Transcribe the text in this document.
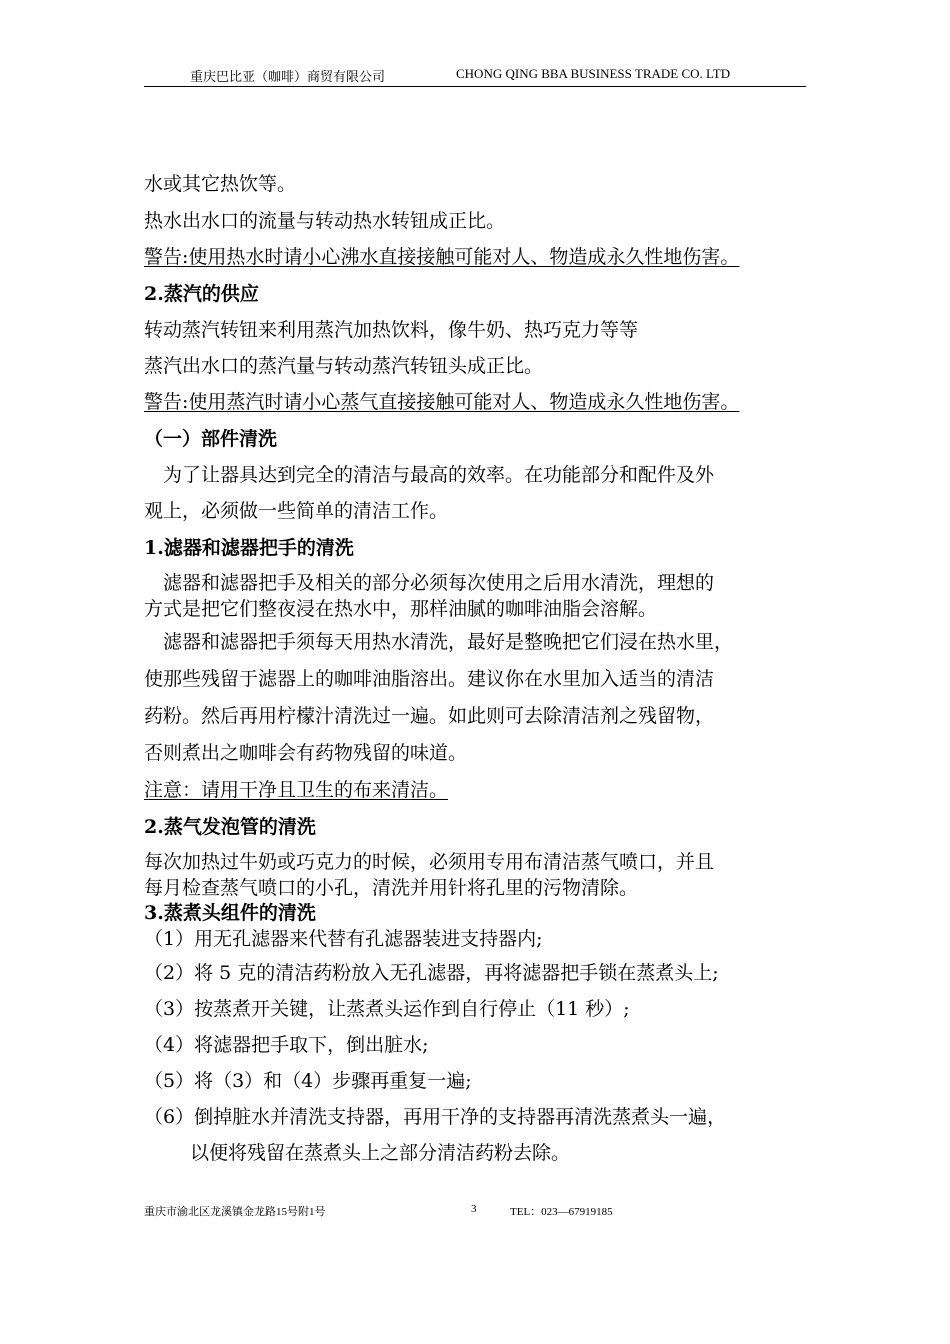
重庆巴比亚（咖啡）商贸有限公司	CHONG QING BBA BUSINESS TRADE CO. LTD
水或其它热饮等。
热水出水口的流量与转动热水转钮成正比。
警告:使用热水时请小心沸水直接接触可能对人、物造成永久性地伤害。
2.蒸汽的供应
转动蒸汽转钮来利用蒸汽加热饮料，像牛奶、热巧克力等等
蒸汽出水口的蒸汽量与转动蒸汽转钮头成正比。
警告:使用蒸汽时请小心蒸气直接接触可能对人、物造成永久性地伤害。
（一）部件清洗
　为了让器具达到完全的清洁与最高的效率。在功能部分和配件及外
观上，必须做一些简单的清洁工作。
1.滤器和滤器把手的清洗
　滤器和滤器把手及相关的部分必须每次使用之后用水清洗，理想的
方式是把它们整夜浸在热水中，那样油腻的咖啡油脂会溶解。
　滤器和滤器把手须每天用热水清洗，最好是整晚把它们浸在热水里，
使那些残留于滤器上的咖啡油脂溶出。建议你在水里加入适当的清洁
药粉。然后再用柠檬汁清洗过一遍。如此则可去除清洁剂之残留物，
否则煮出之咖啡会有药物残留的味道。
注意：请用干净且卫生的布来清洁。
2.蒸气发泡管的清洗
每次加热过牛奶或巧克力的时候，必须用专用布清洁蒸气喷口，并且
每月检查蒸气喷口的小孔，清洗并用针将孔里的污物清除。
3.蒸煮头组件的清洗
（1）用无孔滤器来代替有孔滤器装进支持器内;
（2）将 5 克的清洁药粉放入无孔滤器，再将滤器把手锁在蒸煮头上;
（3）按蒸煮开关键，让蒸煮头运作到自行停止（11 秒）;
（4）将滤器把手取下，倒出脏水;
（5）将（3）和（4）步骤再重复一遍;
（6）倒掉脏水并清洗支持器，再用干净的支持器再清洗蒸煮头一遍，
以便将残留在蒸煮头上之部分清洁药粉去除。
重庆市渝北区龙溪镇金龙路15号附1号	3	TEL：023—67919185
